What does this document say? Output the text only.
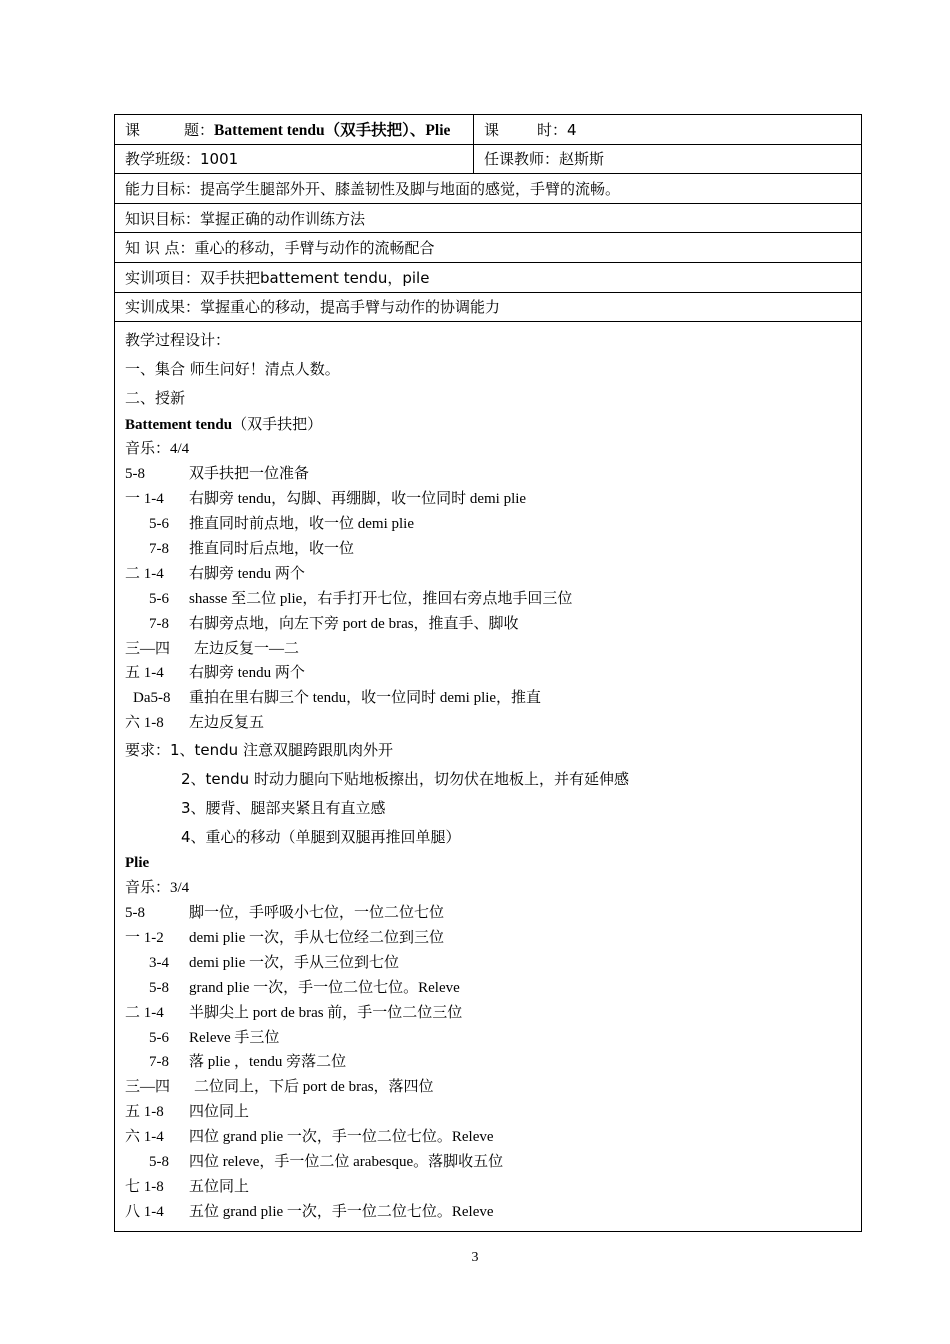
课	题： Battement tendu（双手扶把）、Plie 课	时：4
教学班级：1001	任课教师：赵斯斯
能力目标：提高学生腿部外开、膝盖韧性及脚与地面的感觉，手臂的流畅。
知识目标：掌握正确的动作训练方法
知 识 点：重心的移动，手臂与动作的流畅配合
实训项目：双手扶把battement tendu，pile
实训成果：掌握重心的移动，提高手臂与动作的协调能力
教学过程设计：
一、集合 师生问好！清点人数。
二、授新
Battement tendu（双手扶把）
音乐：4/4
5-8	双手扶把一位准备
一 1-4 右脚旁 tendu，勾脚、再绷脚，收一位同时 demi plie
5-6 推直同时前点地，收一位 demi plie
7-8 推直同时后点地，收一位
二 1-4 右脚旁 tendu 两个
5-6 shasse 至二位 plie，右手打开七位，推回右旁点地手回三位
7-8 右脚旁点地，向左下旁 port de bras，推直手、脚收
三—四 左边反复一—二
五 1-4 右脚旁 tendu 两个
Da5-8 重拍在里右脚三个 tendu，收一位同时 demi plie，推直
六 1-8 左边反复五
要求：1、tendu 注意双腿跨跟肌肉外开
2、tendu 时动力腿向下贴地板擦出，切勿伏在地板上，并有延伸感
3、腰背、腿部夹紧且有直立感
4、重心的移动（单腿到双腿再推回单腿）
Plie
音乐：3/4
5-8	脚一位，手呼吸小七位，一位二位七位
一 1-2 demi plie 一次，手从七位经二位到三位
3-4 demi plie 一次，手从三位到七位
5-8 grand plie 一次，手一位二位七位。Releve
二 1-4 半脚尖上 port de bras 前，手一位二位三位
5-6 Releve 手三位
7-8 落 plie ，tendu 旁落二位
三—四 二位同上，下后 port de bras，落四位
五 1-8 四位同上
六 1-4 四位 grand plie 一次，手一位二位七位。Releve
5-8 四位 releve，手一位二位 arabesque。落脚收五位
七 1-8 五位同上
八 1-4 五位 grand plie 一次，手一位二位七位。Releve
3
